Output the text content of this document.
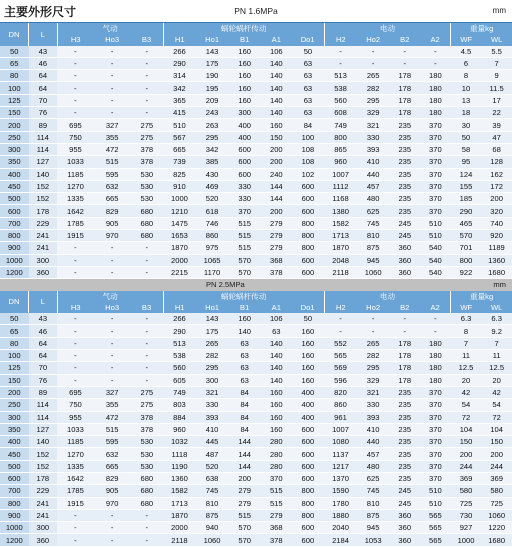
主要外形尺寸	PN 1.6MPa	mm
DN	L	气动			蜗轮蜗杆传动					电动				重量kg	
		H3	Ho3	B3	H1	Ho1	B1	A1	Do1	H2	Ho2	B2	A2	WF	WL
50	43	-	-	-	266	143	160	106	50	-	-	-	-	4.5	5.5
65	46	-	-	-	290	175	160	140	63	-	-	-	-	6	7
80	64	-	-	-	314	190	160	140	63	513	265	178	180	8	9
100	64	-	-	-	342	195	160	140	63	538	282	178	180	10	11.5
125	70	-	-	-	365	209	160	140	63	560	295	178	180	13	17
150	76	-	-	-	415	243	300	140	63	608	329	178	180	18	22
200	89	695	327	275	510	263	400	160	84	749	321	235	370	30	39
250	114	750	355	275	567	295	400	150	100	800	330	235	370	50	47
300	114	955	472	378	665	342	600	200	108	865	393	235	370	58	68
350	127	1033	515	378	739	385	600	200	108	960	410	235	370	95	128
400	140	1185	595	530	825	430	600	240	102	1007	440	235	370	124	162
450	152	1270	632	530	910	469	330	144	600	1112	457	235	370	155	172
500	152	1335	665	530	1000	520	330	144	600	1168	480	235	370	185	200
600	178	1642	829	680	1210	618	370	200	600	1380	625	235	370	290	320
700	229	1785	905	680	1475	746	515	279	800	1582	745	245	510	465	740
800	241	1915	970	680	1653	860	515	279	800	1713	810	245	510	570	920
900	241	-	-	-	1870	975	515	279	800	1870	875	360	540	701	1189
1000	300	-	-	-	2000	1065	570	368	600	2048	945	360	540	800	1360
1200	360	-	-	-	2215	1170	570	378	600	2118	1060	360	540	922	1680
PN 2.5MPa														mm	
DN	L	气动			蜗轮蜗杆传动					电动				重量kg	
		H3	Ho3	B3	H1	Ho1	B1	A1	Do1	H2	Ho2	B2	A2	WF	WL
50	43	-	-	-	266	143	160	106	50	-	-	-	-	6.3	6.3
65	46	-	-	-	290	175	140	63	160	-	-	-	-	8	9.2
80	64	-	-	-	513	265	63	140	160	552	265	178	180	7	7
100	64	-	-	-	538	282	63	140	160	565	282	178	180	11	11
125	70	-	-	-	560	295	63	140	160	569	295	178	180	12.5	12.5
150	76	-	-	-	605	300	63	140	160	596	329	178	180	20	20
200	89	695	327	275	749	321	84	160	400	820	321	235	370	42	42
250	114	750	355	275	803	330	84	160	400	860	330	235	370	54	54
300	114	955	472	378	884	393	84	160	400	961	393	235	370	72	72
350	127	1033	515	378	960	410	84	160	600	1007	410	235	370	104	104
400	140	1185	595	530	1032	445	144	280	600	1080	440	235	370	150	150
450	152	1270	632	530	1118	487	144	280	600	1137	457	235	370	200	200
500	152	1335	665	530	1190	520	144	280	600	1217	480	235	370	244	244
600	178	1642	829	680	1360	638	200	370	600	1370	625	235	370	369	369
700	229	1785	905	680	1582	745	279	515	800	1590	745	245	510	580	580
800	241	1915	970	680	1713	810	279	515	800	1780	810	245	510	725	725
900	241	-	-	-	1870	875	515	279	800	1880	875	360	565	730	1060
1000	300	-	-	-	2000	940	570	368	600	2040	945	360	565	927	1220
1200	360	-	-	-	2118	1060	570	378	600	2184	1053	360	565	1000	1680
